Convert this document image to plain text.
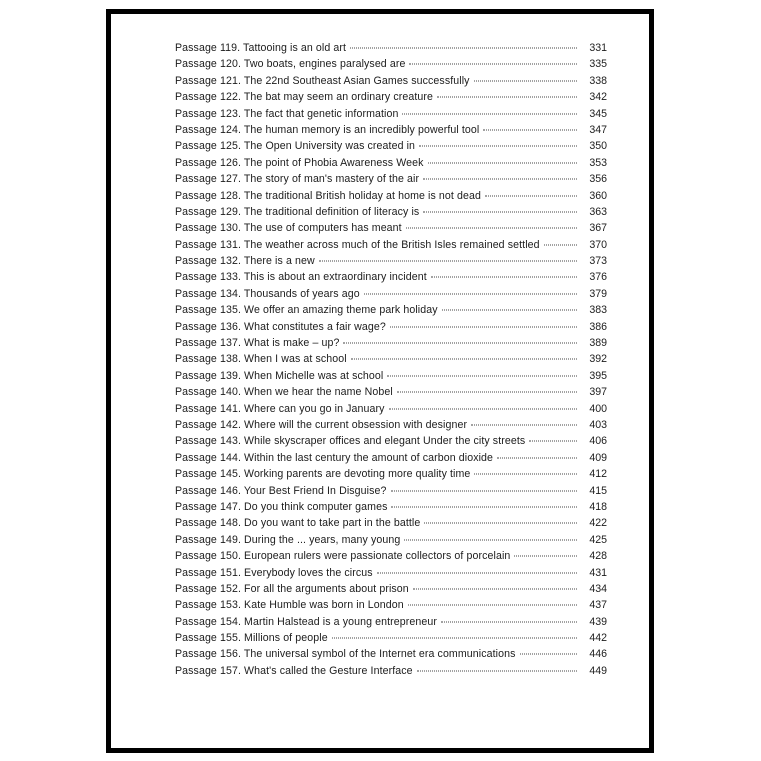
Passage 119. Tattooing is an old art	331
Passage 120. Two boats, engines paralysed are	335
Passage 121. The 22nd Southeast Asian Games successfully	338
Passage 122. The bat may seem an ordinary creature	342
Passage 123. The fact that genetic information	345
Passage 124. The human memory is an incredibly powerful tool	347
Passage 125. The Open University was created in	350
Passage 126. The point of Phobia Awareness Week	353
Passage 127. The story of man's mastery of the air	356
Passage 128. The traditional British holiday at home is not dead	360
Passage 129. The traditional definition of literacy is	363
Passage 130. The use of computers has meant	367
Passage 131. The weather across much of the British Isles remained settled	370
Passage 132. There is a new	373
Passage 133. This is about an extraordinary incident	376
Passage 134. Thousands of years ago	379
Passage 135. We offer an amazing theme park holiday	383
Passage 136. What constitutes a fair wage?	386
Passage 137. What is make – up?	389
Passage 138. When I was at school	392
Passage 139. When Michelle was at school	395
Passage 140. When we hear the name Nobel	397
Passage 141. Where can you go in January	400
Passage 142. Where will the current obsession with designer	403
Passage 143. While skyscraper offices and elegant Under the city streets	406
Passage 144. Within the last century the amount of carbon dioxide	409
Passage 145. Working parents are devoting more quality time	412
Passage 146. Your Best Friend In Disguise?	415
Passage 147. Do you think computer games	418
Passage 148. Do you want to take part in the battle	422
Passage 149. During the ... years, many young	425
Passage 150. European rulers were passionate collectors of porcelain	428
Passage 151. Everybody loves the circus	431
Passage 152. For all the arguments about prison	434
Passage 153. Kate Humble was born in London	437
Passage 154. Martin Halstead is a young entrepreneur	439
Passage 155. Millions of people	442
Passage 156. The universal symbol of the Internet era communications	446
Passage 157. What's called the Gesture Interface	449
